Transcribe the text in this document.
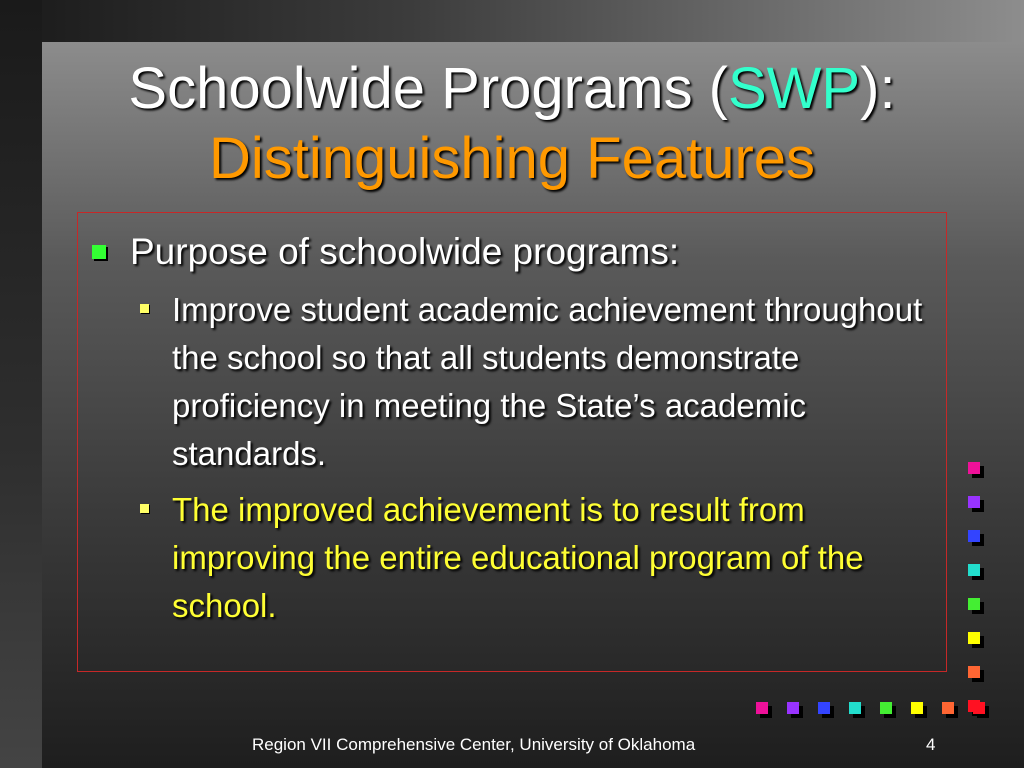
Schoolwide Programs (SWP):
Distinguishing Features
Purpose of schoolwide programs:
Improve student academic achievement throughout the school so that all students demonstrate proficiency in meeting the State’s academic standards.
The improved achievement is to result from improving the entire educational program of the school.
Region VII Comprehensive Center, University of Oklahoma	4
